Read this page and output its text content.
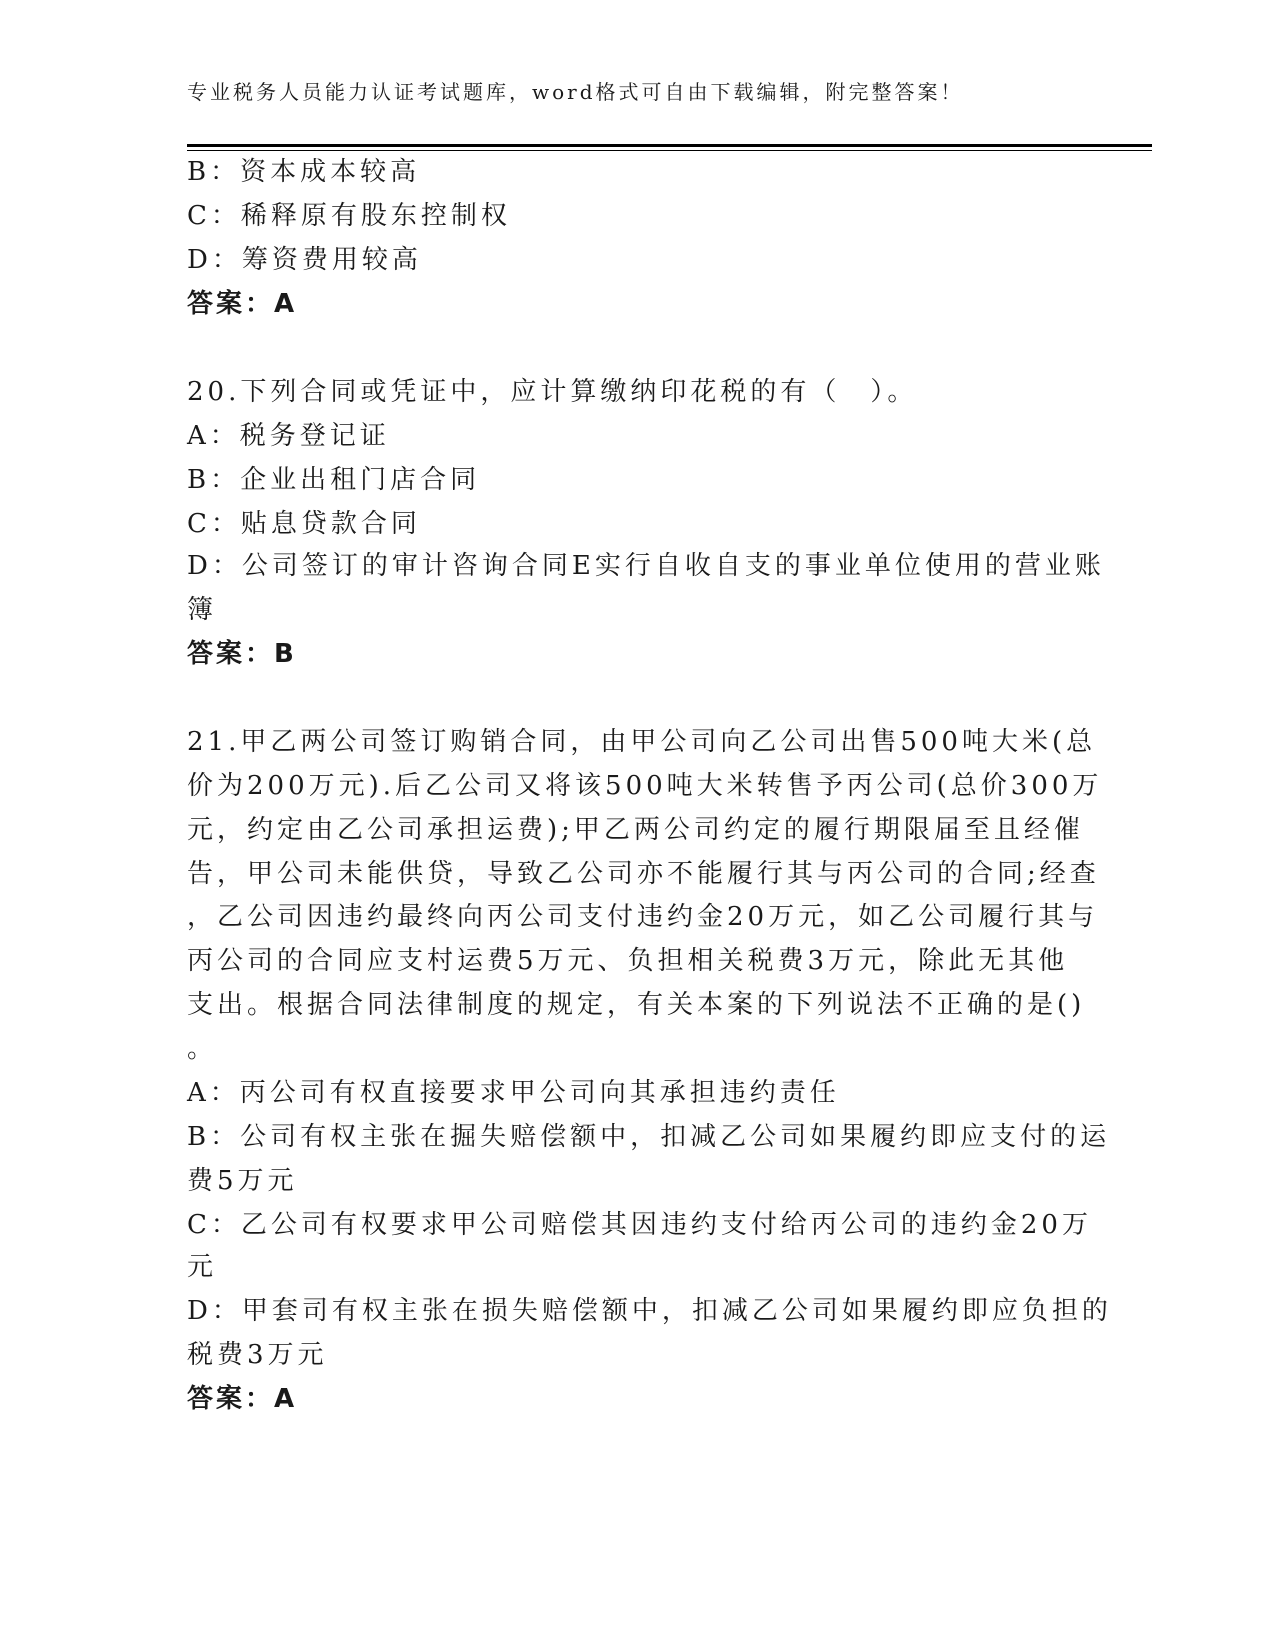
专业税务人员能力认证考试题库，word格式可自由下载编辑，附完整答案！
B：资本成本较高
C：稀释原有股东控制权
D：筹资费用较高
答案：A
20.下列合同或凭证中，应计算缴纳印花税的有（　）。
A：税务登记证
B：企业出租门店合同
C：贴息贷款合同
D：公司签订的审计咨询合同E实行自收自支的事业单位使用的营业账
簿
答案：B
21.甲乙两公司签订购销合同，由甲公司向乙公司出售500吨大米(总
价为200万元).后乙公司又将该500吨大米转售予丙公司(总价300万
元，约定由乙公司承担运费);甲乙两公司约定的履行期限届至且经催
告，甲公司未能供贷，导致乙公司亦不能履行其与丙公司的合同;经查
，乙公司因违约最终向丙公司支付违约金20万元，如乙公司履行其与
丙公司的合同应支村运费5万元、负担相关税费3万元，除此无其他
支出。根据合同法律制度的规定，有关本案的下列说法不正确的是()
。
A：丙公司有权直接要求甲公司向其承担违约责任
B：公司有权主张在掘失赔偿额中，扣减乙公司如果履约即应支付的运
费5万元
C：乙公司有权要求甲公司赔偿其因违约支付给丙公司的违约金20万
元
D：甲套司有权主张在损失赔偿额中，扣减乙公司如果履约即应负担的
税费3万元
答案：A
